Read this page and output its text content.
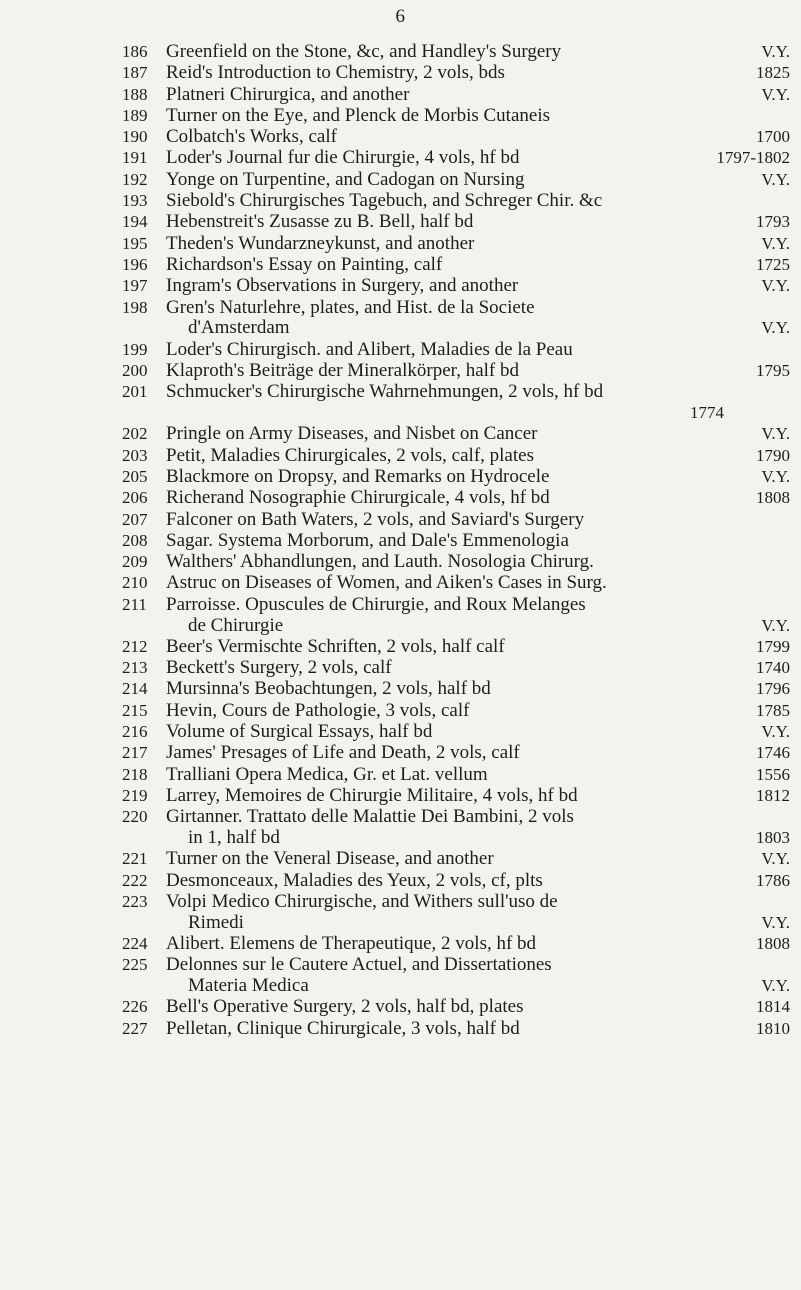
6
186 Greenfield on the Stone, &c, and Handley's Surgery	V.Y.
187 Reid's Introduction to Chemistry, 2 vols, bds	1825
188 Platneri Chirurgica, and another	V.Y.
189 Turner on the Eye, and Plenck de Morbis Cutaneis
190 Colbatch's Works, calf	1700
191 Loder's Journal fur die Chirurgie, 4 vols, hf bd	1797-1802
192 Yonge on Turpentine, and Cadogan on Nursing	V.Y.
193 Siebold's Chirurgisches Tagebuch, and Schreger Chir. &c
194 Hebenstreit's Zusasse zu B. Bell, half bd	1793
195 Theden's Wundarzneykunst, and another	V.Y.
196 Richardson's Essay on Painting, calf	1725
197 Ingram's Observations in Surgery, and another	V.Y.
198 Gren's Naturlehre, plates, and Hist. de la Societe
d'Amsterdam	V.Y.
199 Loder's Chirurgisch. and Alibert, Maladies de la Peau
200 Klaproth's Beiträge der Mineralkörper, half bd	1795
201 Schmucker's Chirurgische Wahrnehmungen, 2 vols, hf bd
1774
202 Pringle on Army Diseases, and Nisbet on Cancer	V.Y.
203 Petit, Maladies Chirurgicales, 2 vols, calf, plates	1790
205 Blackmore on Dropsy, and Remarks on Hydrocele	V.Y.
206 Richerand Nosographie Chirurgicale, 4 vols, hf bd	1808
207 Falconer on Bath Waters, 2 vols, and Saviard's Surgery
208 Sagar. Systema Morborum, and Dale's Emmenologia
209 Walthers' Abhandlungen, and Lauth. Nosologia Chirurg.
210 Astruc on Diseases of Women, and Aiken's Cases in Surg.
211	Parroisse. Opuscules de Chirurgie, and Roux Melanges
de Chirurgie	V.Y.
212 Beer's Vermischte Schriften, 2 vols, half calf	1799
213 Beckett's Surgery, 2 vols, calf	1740
214 Mursinna's Beobachtungen, 2 vols, half bd	1796
215 Hevin, Cours de Pathologie, 3 vols, calf	1785
216 Volume of Surgical Essays, half bd	V.Y.
217 James' Presages of Life and Death, 2 vols, calf	1746
218 Tralliani Opera Medica, Gr. et Lat. vellum	1556
219 Larrey, Memoires de Chirurgie Militaire, 4 vols, hf bd	1812
220 Girtanner. Trattato delle Malattie Dei Bambini, 2 vols
in 1, half bd	1803
221 Turner on the Veneral Disease, and another	V.Y.
222 Desmonceaux, Maladies des Yeux, 2 vols, cf, plts	1786
223 Volpi Medico Chirurgische, and Withers sull'uso de
Rimedi	V.Y.
224 Alibert. Elemens de Therapeutique, 2 vols, hf bd	1808
225 Delonnes sur le Cautere Actuel, and Dissertationes
Materia Medica	V.Y.
226 Bell's Operative Surgery, 2 vols, half bd, plates	1814
227 Pelletan, Clinique Chirurgicale, 3 vols, half bd	1810
